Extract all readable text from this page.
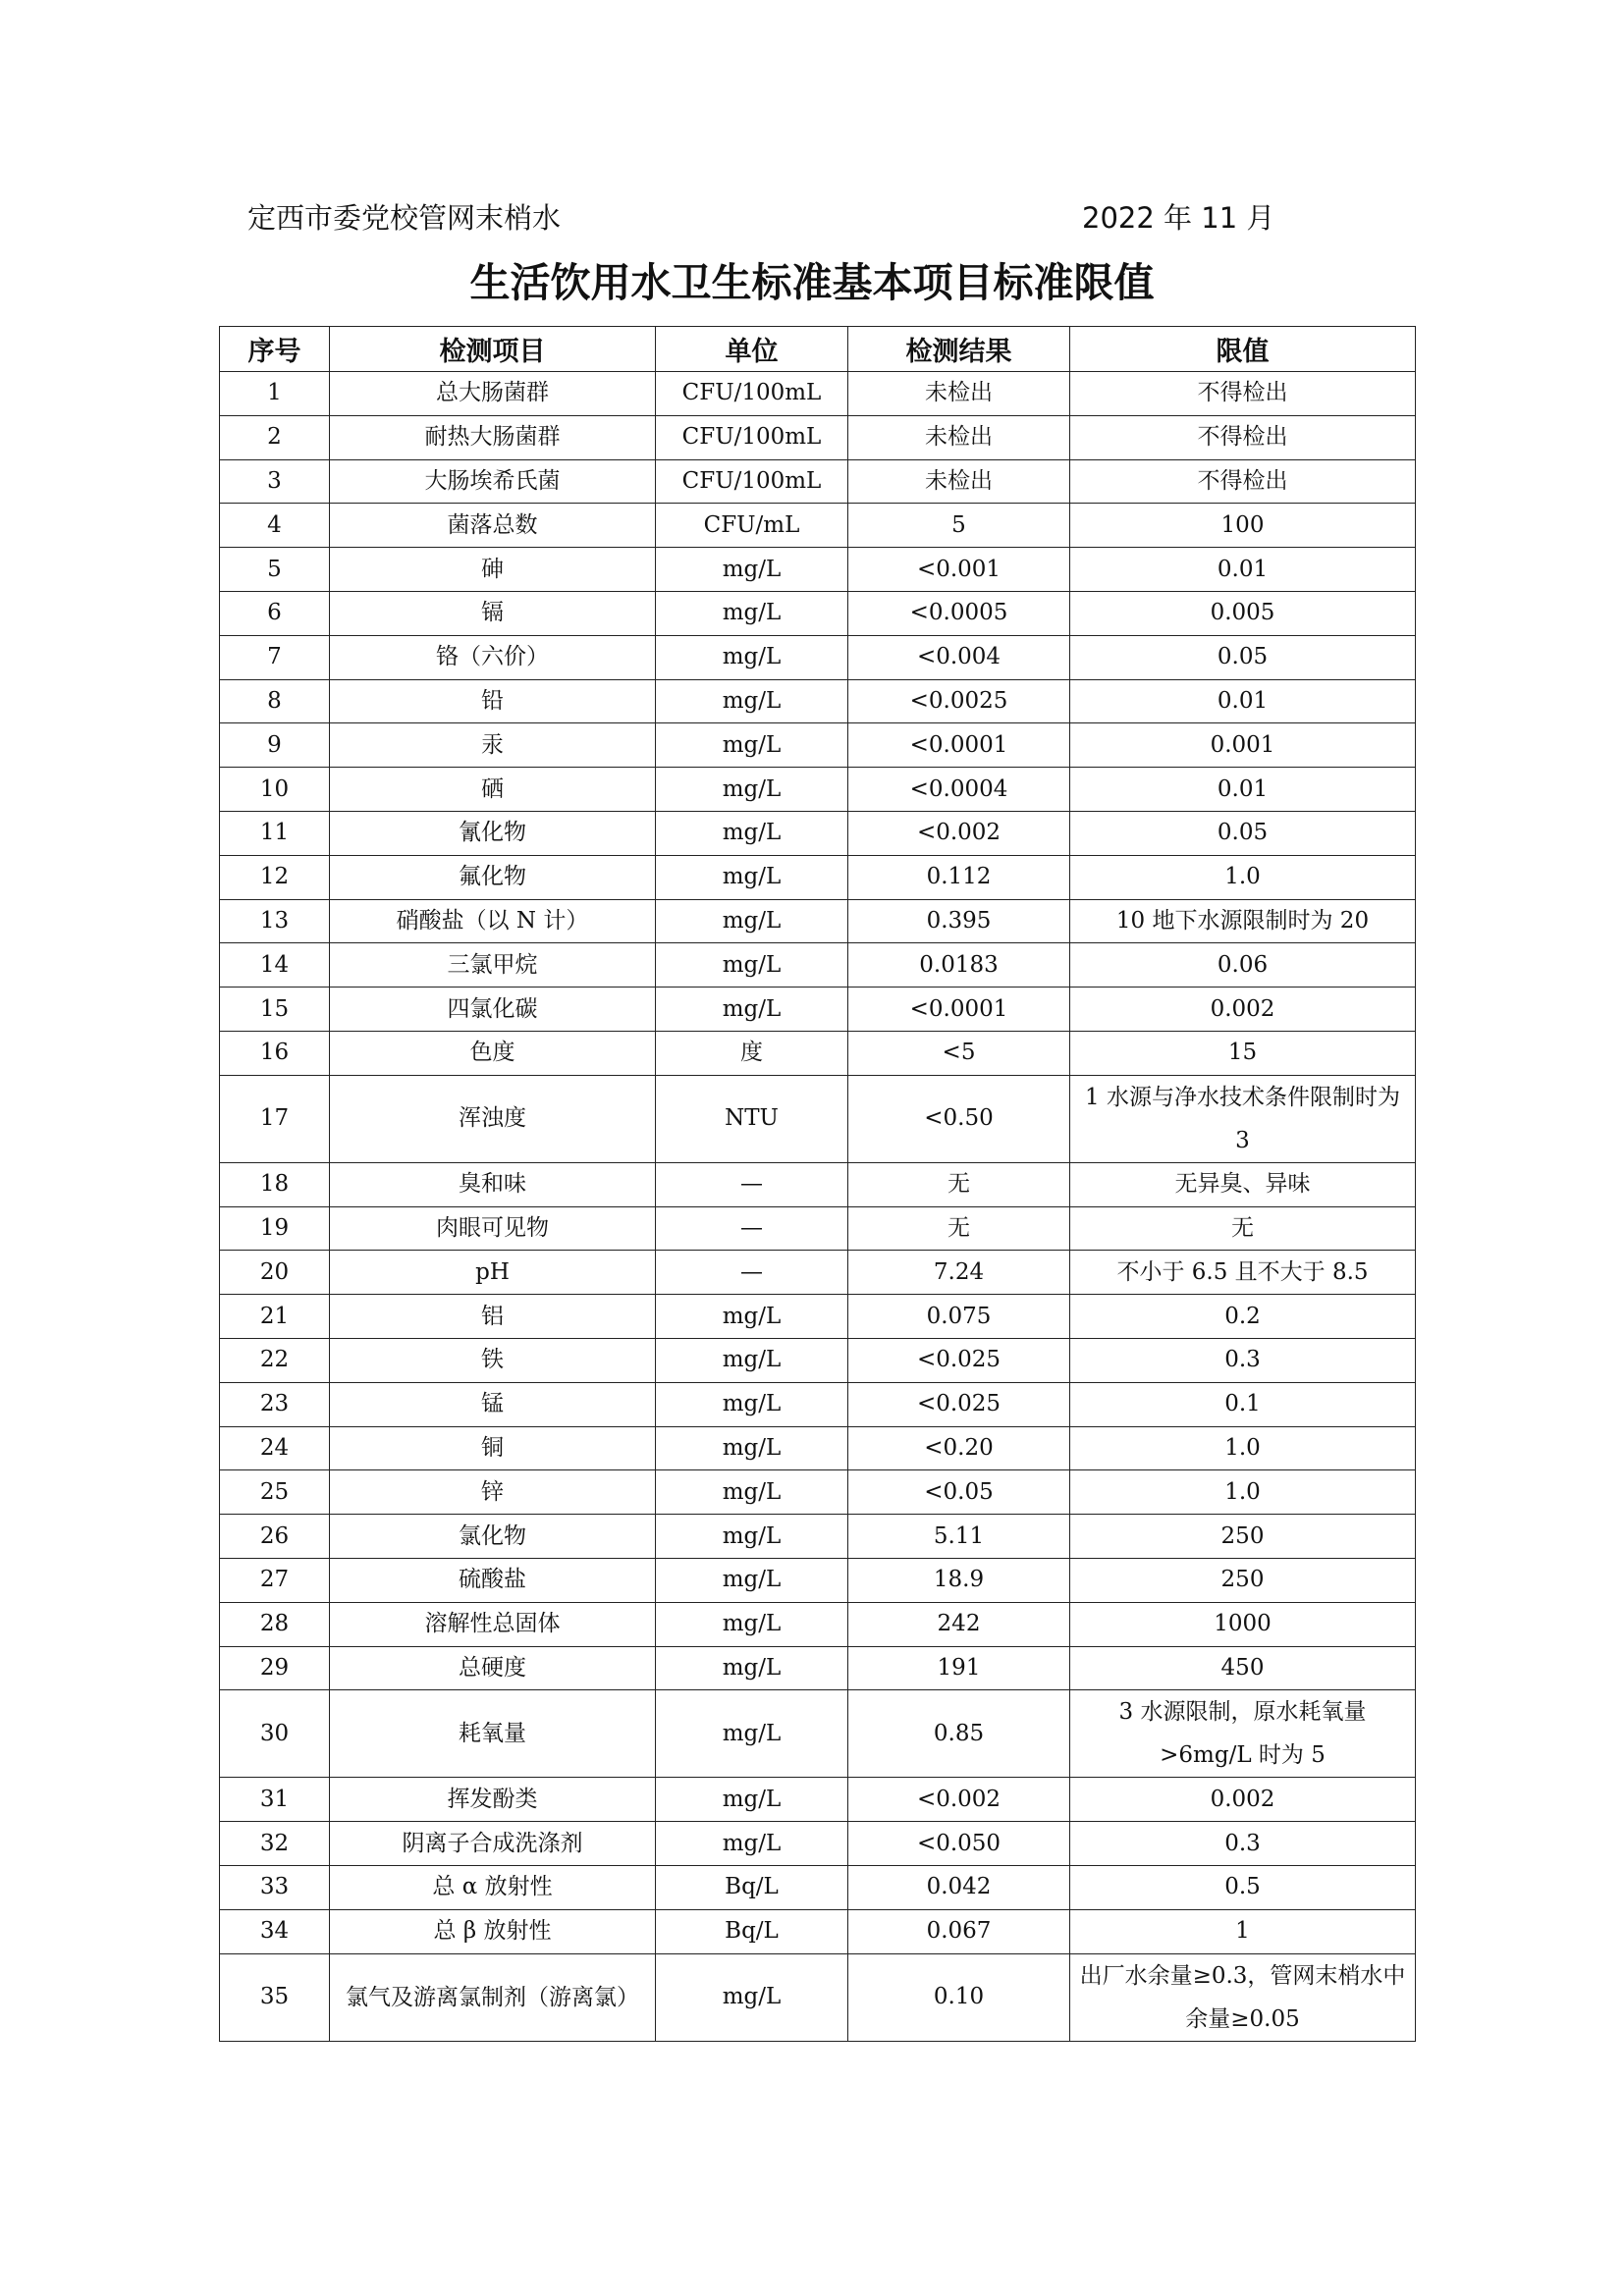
定西市委党校管网末梢水	2022 年 11 月
生活饮用水卫生标准基本项目标准限值
序号	检测项目	单位	检测结果	限值
1	总大肠菌群	CFU/100mL	未检出	不得检出
2	耐热大肠菌群	CFU/100mL	未检出	不得检出
3	大肠埃希氏菌	CFU/100mL	未检出	不得检出
4	菌落总数	CFU/mL	5	100
5	砷	mg/L	<0.001	0.01
6	镉	mg/L	<0.0005	0.005
7	铬（六价）	mg/L	<0.004	0.05
8	铅	mg/L	<0.0025	0.01
9	汞	mg/L	<0.0001	0.001
10	硒	mg/L	<0.0004	0.01
11	氰化物	mg/L	<0.002	0.05
12	氟化物	mg/L	0.112	1.0
13	硝酸盐（以 N 计）	mg/L	0.395	10 地下水源限制时为 20
14	三氯甲烷	mg/L	0.0183	0.06
15	四氯化碳	mg/L	<0.0001	0.002
16	色度	度	<5	15
17	浑浊度	NTU	<0.50	1 水源与净水技术条件限制时为 3
18	臭和味	—	无	无异臭、异味
19	肉眼可见物	—	无	无
20	pH	—	7.24	不小于 6.5 且不大于 8.5
21	铝	mg/L	0.075	0.2
22	铁	mg/L	<0.025	0.3
23	锰	mg/L	<0.025	0.1
24	铜	mg/L	<0.20	1.0
25	锌	mg/L	<0.05	1.0
26	氯化物	mg/L	5.11	250
27	硫酸盐	mg/L	18.9	250
28	溶解性总固体	mg/L	242	1000
29	总硬度	mg/L	191	450
30	耗氧量	mg/L	0.85	3 水源限制，原水耗氧量>6mg/L 时为 5
31	挥发酚类	mg/L	<0.002	0.002
32	阴离子合成洗涤剂	mg/L	<0.050	0.3
33	总 α 放射性	Bq/L	0.042	0.5
34	总 β 放射性	Bq/L	0.067	1
35	氯气及游离氯制剂（游离氯）	mg/L	0.10	出厂水余量≥0.3，管网末梢水中余量≥0.05
